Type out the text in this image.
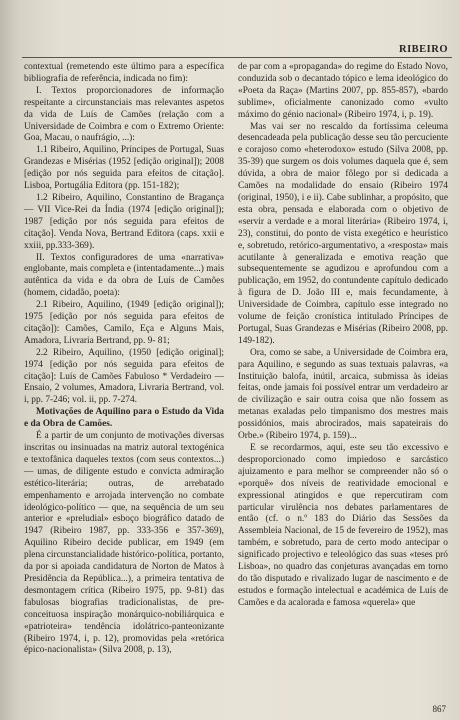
RIBEIRO

contextual (remetendo este último para a específica bibliografia de referência, indicada no fim):

I. Textos proporcionadores de informação respeitante a circunstanciais mas relevantes aspetos da vida de Luís de Camões (relação com a Universidade de Coimbra e com o Extremo Oriente: Goa, Macau, o naufrágio, ...):

1.1 Ribeiro, Aquilino, Príncipes de Portugal, Suas Grandezas e Misérias (1952 [edição original]); 2008 [edição por nós seguida para efeitos de citação]. Lisboa, Portugália Editora (pp. 151-182);

1.2 Ribeiro, Aquilino, Constantino de Bragança — VII Vice-Rei da Índia (1974 [edição original]); 1987 [edição por nós seguida para efeitos de citação]. Venda Nova, Bertrand Editora (caps. xxii e xxiii, pp.333-369).

II. Textos configuradores de uma «narrativa» englobante, mais completa e (intentadamente...) mais autêntica da vida e da obra de Luís de Camões (homem, cidadão, poeta):

2.1 Ribeiro, Aquilino, (1949 [edição original]); 1975 [edição por nós seguida para efeitos de citação]): Camões, Camilo, Eça e Alguns Mais, Amadora, Livraria Bertrand, pp. 9- 81;

2.2 Ribeiro, Aquilino, (1950 [edição original]; 1974 [edição por nós seguida para efeitos de citação]: Luís de Camões Fabuloso * Verdadeiro — Ensaio, 2 volumes, Amadora, Livraria Bertrand, vol. i, pp. 7-246; vol. ii, pp. 7-274.

Motivações de Aquilino para o Estudo da Vida e da Obra de Camões.

É a partir de um conjunto de motivações diversas inscritas ou insinuadas na matriz autoral textogénica e textofânica daqueles textos (com seus contextos...) — umas, de diligente estudo e convicta admiração estético-literária; outras, de arrebatado empenhamento e arrojada intervenção no combate ideológico-político — que, na sequência de um seu anterior e «preludial» esboço biográfico datado de 1947 (Ribeiro 1987, pp. 333-356 e 357-369), Aquilino Ribeiro decide publicar, em 1949 (em plena circunstancialidade histórico-política, portanto, da por si apoiada candidatura de Norton de Matos à Presidência da República...), a primeira tentativa de desmontagem crítica (Ribeiro 1975, pp. 9-81) das fabulosas biografias tradicionalistas, de pre-conceituosa inspiração monárquico-nobiliárquica e «patrioteira» tendência idolátrico-panteonizante (Ribeiro 1974, i, p. 12), promovidas pela «retórica épico-nacionalista» (Silva 2008, p. 13),

de par com a «propaganda» do regime do Estado Novo, conduzida sob o decantado tópico e lema ideológico do «Poeta da Raça» (Martins 2007, pp. 855-857), «bardo sublime», oficialmente canonizado como «vulto máximo do génio nacional» (Ribeiro 1974, i, p. 19).

Mas vai ser no rescaldo da fortíssima celeuma desencadeada pela publicação desse seu tão percuciente e corajoso como «heterodoxo» estudo (Silva 2008, pp. 35-39) que surgem os dois volumes daquela que é, sem dúvida, a obra de maior fôlego por si dedicada a Camões na modalidade do ensaio (Ribeiro 1974 (original, 1950), i e ii). Cabe sublinhar, a propósito, que esta obra, pensada e elaborada com o objetivo de «servir a verdade e a moral literária» (Ribeiro 1974, i, 23), constitui, do ponto de vista exegético e heurístico e, sobretudo, retórico-argumentativo, a «resposta» mais acutilante à generalizada e emotiva reação que subsequentemente se agudizou e aprofundou com a publicação, em 1952, do contundente capítulo dedicado à figura de D. João III e, mais fecundamente, à Universidade de Coimbra, capítulo esse integrado no volume de feição cronística intitulado Príncipes de Portugal, Suas Grandezas e Misérias (Ribeiro 2008, pp. 149-182).

Ora, como se sabe, a Universidade de Coimbra era, para Aquilino, e segundo as suas textuais palavras, «a Instituição balofa, inútil, arcaica, submissa às ideias feitas, onde jamais foi possível entrar um verdadeiro ar de civilização e sair outra coisa que não fossem as metanas exaladas pelo timpanismo dos mestres mais possidónios, mais abrocirados, mais sapateirais do Orbe.» (Ribeiro 1974, p. 159)...

E se recordarmos, aqui, este seu tão excessivo e desproporcionado como impiedoso e sarcástico ajuizamento e para melhor se compreender não só o «porquê» dos níveis de reatividade emocional e expressional atingidos e que repercutiram com particular virulência nos debates parlamentares de então (cf. o n.º 183 do Diário das Sessões da Assembleia Nacional, de 15 de fevereiro de 1952), mas também, e sobretudo, para de certo modo antecipar o significado projectivo e teleológico das suas «teses pró Lisboa», no quadro das conjeturas avançadas em torno do tão disputado e rivalizado lugar de nascimento e de estudos e formação intelectual e académica de Luís de Camões e da acalorada e famosa «querela» que

867
